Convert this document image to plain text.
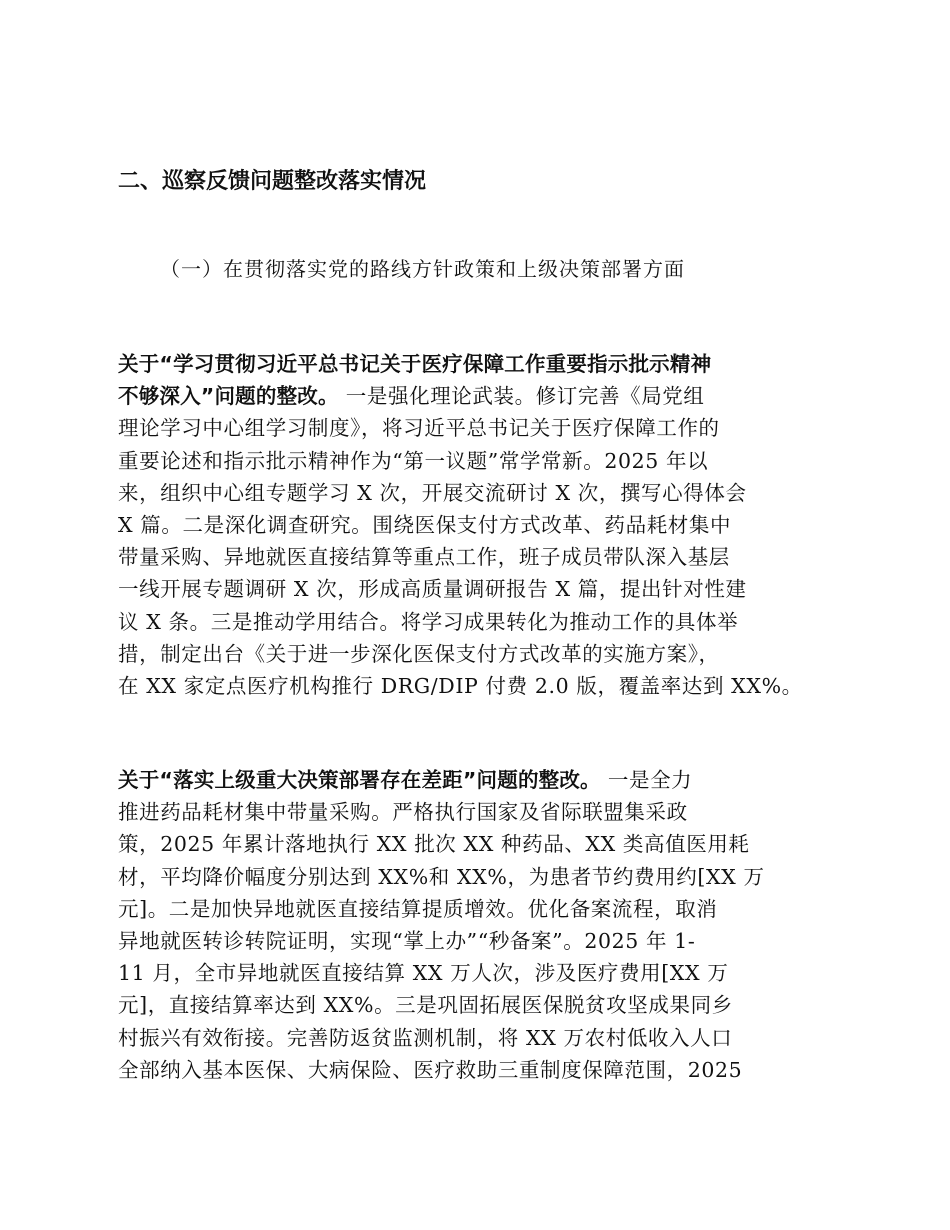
二、巡察反馈问题整改落实情况

（一）在贯彻落实党的路线方针政策和上级决策部署方面

关于“学习贯彻习近平总书记关于医疗保障工作重要指示批示精神
不够深入”问题的整改。 一是强化理论武装。修订完善《局党组
理论学习中心组学习制度》，将习近平总书记关于医疗保障工作的
重要论述和指示批示精神作为“第一议题”常学常新。2025 年以
来，组织中心组专题学习 X 次，开展交流研讨 X 次，撰写心得体会
X 篇。二是深化调查研究。围绕医保支付方式改革、药品耗材集中
带量采购、异地就医直接结算等重点工作，班子成员带队深入基层
一线开展专题调研 X 次，形成高质量调研报告 X 篇，提出针对性建
议 X 条。三是推动学用结合。将学习成果转化为推动工作的具体举
措，制定出台《关于进一步深化医保支付方式改革的实施方案》，
在 XX 家定点医疗机构推行 DRG/DIP 付费 2.0 版，覆盖率达到 XX%。
关于“落实上级重大决策部署存在差距”问题的整改。 一是全力
推进药品耗材集中带量采购。严格执行国家及省际联盟集采政
策，2025 年累计落地执行 XX 批次 XX 种药品、XX 类高值医用耗
材，平均降价幅度分别达到 XX%和 XX%，为患者节约费用约[XX 万
元]。二是加快异地就医直接结算提质增效。优化备案流程，取消
异地就医转诊转院证明，实现“掌上办”“秒备案”。2025 年 1-
11 月，全市异地就医直接结算 XX 万人次，涉及医疗费用[XX 万
元]，直接结算率达到 XX%。三是巩固拓展医保脱贫攻坚成果同乡
村振兴有效衔接。完善防返贫监测机制，将 XX 万农村低收入人口
全部纳入基本医保、大病保险、医疗救助三重制度保障范围，2025
